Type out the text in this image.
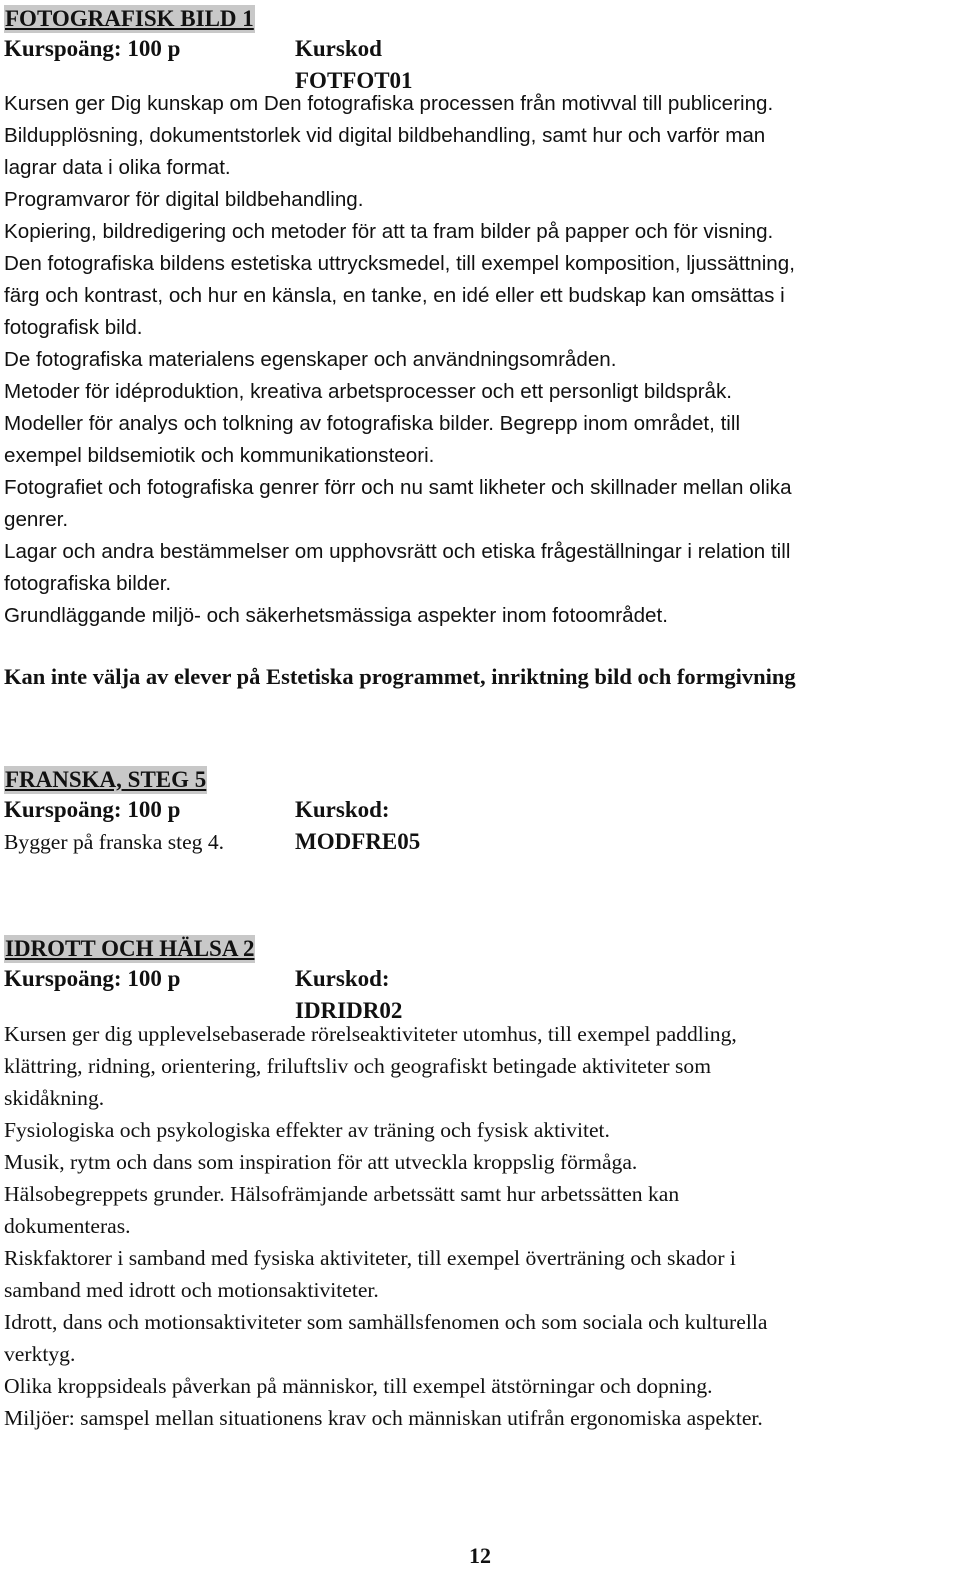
FOTOGRAFISK BILD 1
Kurspoäng: 100 p	Kurskod FOTFOT01
Kursen ger Dig kunskap om Den fotografiska processen från motivval till publicering.
Bildupplösning, dokumentstorlek vid digital bildbehandling, samt hur och varför man
lagrar data i olika format.
Programvaror för digital bildbehandling.
Kopiering, bildredigering och metoder för att ta fram bilder på papper och för visning.
Den fotografiska bildens estetiska uttrycksmedel, till exempel komposition, ljussättning,
färg och kontrast, och hur en känsla, en tanke, en idé eller ett budskap kan omsättas i
fotografisk bild.
De fotografiska materialens egenskaper och användningsområden.
Metoder för idéproduktion, kreativa arbetsprocesser och ett personligt bildspråk.
Modeller för analys och tolkning av fotografiska bilder. Begrepp inom området, till
exempel bildsemiotik och kommunikationsteori.
Fotografiet och fotografiska genrer förr och nu samt likheter och skillnader mellan olika
genrer.
Lagar och andra bestämmelser om upphovsrätt och etiska frågeställningar i relation till
fotografiska bilder.
Grundläggande miljö- och säkerhetsmässiga aspekter inom fotoområdet.

Kan inte välja av elever på Estetiska programmet, inriktning bild och formgivning

FRANSKA, STEG 5
Kurspoäng: 100 p	Kurskod: MODFRE05

Bygger på franska steg 4.

IDROTT OCH HÄLSA 2
Kurspoäng: 100 p	Kurskod: IDRIDR02
Kursen ger dig upplevelsebaserade rörelseaktiviteter utomhus, till exempel paddling,
klättring, ridning, orientering, friluftsliv och geografiskt betingade aktiviteter som
skidåkning.
Fysiologiska och psykologiska effekter av träning och fysisk aktivitet.
Musik, rytm och dans som inspiration för att utveckla kroppslig förmåga.
Hälsobegreppets grunder. Hälsofrämjande arbetssätt samt hur arbetssätten kan
dokumenteras.
Riskfaktorer i samband med fysiska aktiviteter, till exempel överträning och skador i
samband med idrott och motionsaktiviteter.
Idrott, dans och motionsaktiviteter som samhällsfenomen och som sociala och kulturella
verktyg.
Olika kroppsideals påverkan på människor, till exempel ätstörningar och dopning.
Miljöer: samspel mellan situationens krav och människan utifrån ergonomiska aspekter.
12
